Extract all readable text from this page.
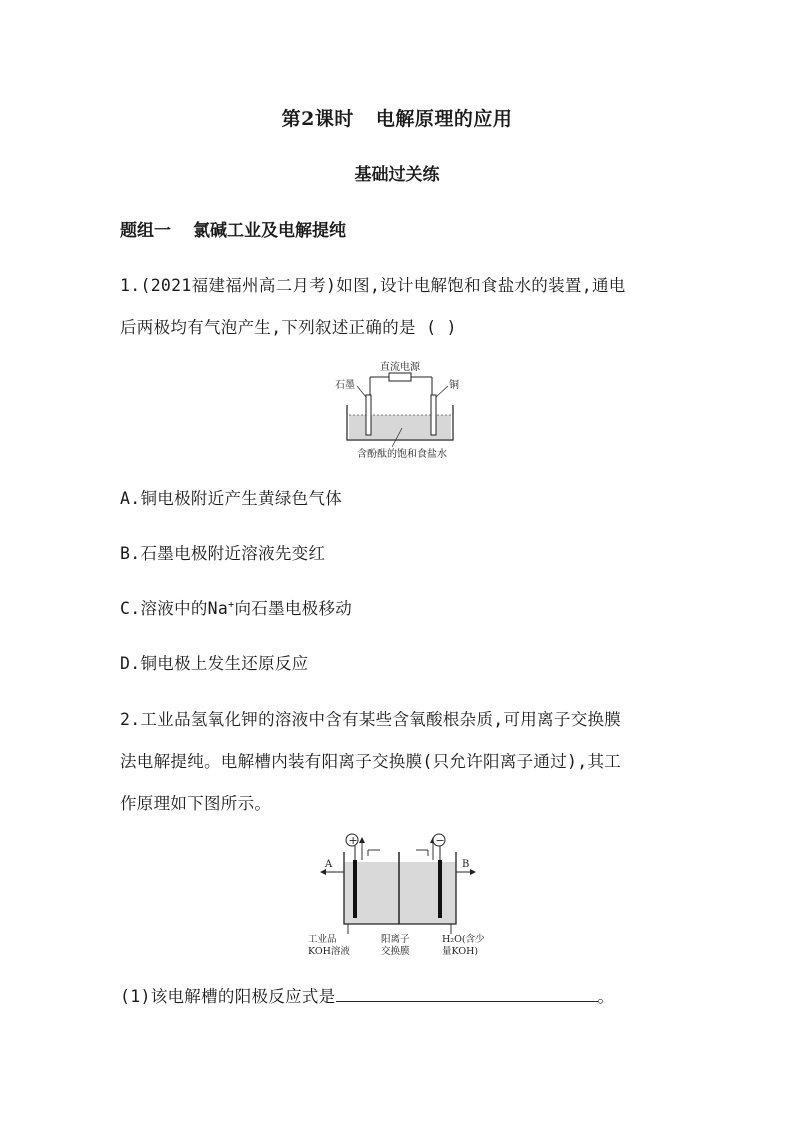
第2课时 电解原理的应用
基础过关练
题组一 氯碱工业及电解提纯
1.(2021福建福州高二月考)如图,设计电解饱和食盐水的装置,通电
后两极均有气泡产生,下列叙述正确的是 ( )
直流电源
石墨	铜
含酚酞的饱和食盐水
A.铜电极附近产生黄绿色气体
B.石墨电极附近溶液先变红
C.溶液中的Na+向石墨电极移动
D.铜电极上发生还原反应
2.工业品氢氧化钾的溶液中含有某些含氧酸根杂质,可用离子交换膜
法电解提纯。电解槽内装有阳离子交换膜(只允许阳离子通过),其工
作原理如下图所示。
+	−
A	B
工业品
KOH溶液
阳离子
交换膜
H₂O(含少
量KOH)
(1)该电解槽的阳极反应式是	。
